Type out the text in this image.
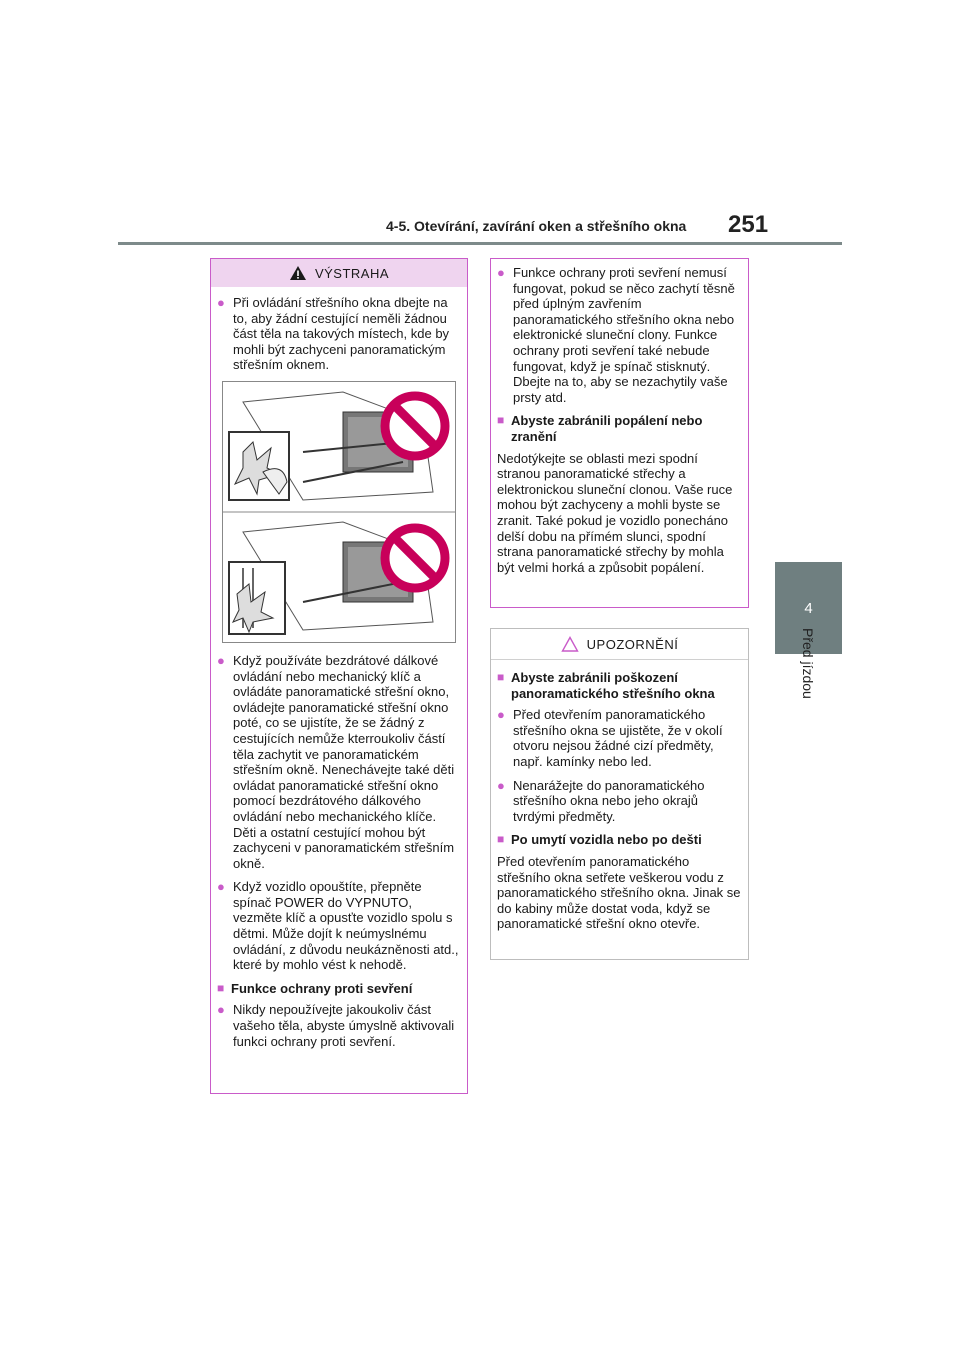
4-5. Otevírání, zavírání oken a střešního okna 251
4
Před jízdou
VÝSTRAHA
● Při ovládání střešního okna dbejte na to, aby žádní cestující neměli žádnou část těla na takových místech, kde by mohli být zachyceni panoramatickým střešním oknem.
● Když používáte bezdrátové dálkové ovládání nebo mechanický klíč a ovládáte panoramatické střešní okno, ovládejte panoramatické střešní okno poté, co se ujistíte, že se žádný z cestujících nemůže kterroukoliv částí těla zachytit ve panoramatickém střešním okně. Nenechávejte také děti ovládat panoramatické střešní okno pomocí bezdrátového dálkového ovládání nebo mechanického klíče. Děti a ostatní cestující mohou být zachyceni v panoramatickém střešním okně.
● Když vozidlo opouštíte, přepněte spínač POWER do VYPNUTO, vezměte klíč a opusťte vozidlo spolu s dětmi. Může dojít k neúmyslnému ovládání, z důvodu neukázněnosti atd., které by mohlo vést k nehodě.
■ Funkce ochrany proti sevření
● Nikdy nepoužívejte jakoukoliv část vašeho těla, abyste úmyslně aktivovali funkci ochrany proti sevření.
● Funkce ochrany proti sevření nemusí fungovat, pokud se něco zachytí těsně před úplným zavřením panoramatického střešního okna nebo elektronické sluneční clony. Funkce ochrany proti sevření také nebude fungovat, když je spínač stisknutý. Dbejte na to, aby se nezachytily vaše prsty atd.
■ Abyste zabránili popálení nebo zranění
Nedotýkejte se oblasti mezi spodní stranou panoramatické střechy a elektronickou sluneční clonou. Vaše ruce mohou být zachyceny a mohli byste se zranit. Také pokud je vozidlo ponecháno delší dobu na přímém slunci, spodní strana panoramatické střechy by mohla být velmi horká a způsobit popálení.
UPOZORNĚNÍ
■ Abyste zabránili poškození panoramatického střešního okna
● Před otevřením panoramatického střešního okna se ujistěte, že v okolí otvoru nejsou žádné cizí předměty, např. kamínky nebo led.
● Nenarážejte do panoramatického střešního okna nebo jeho okrajů tvrdými předměty.
■ Po umytí vozidla nebo po dešti
Před otevřením panoramatického střešního okna setřete veškerou vodu z panoramatického střešního okna. Jinak se do kabiny může dostat voda, když se panoramatické střešní okno otevře.
